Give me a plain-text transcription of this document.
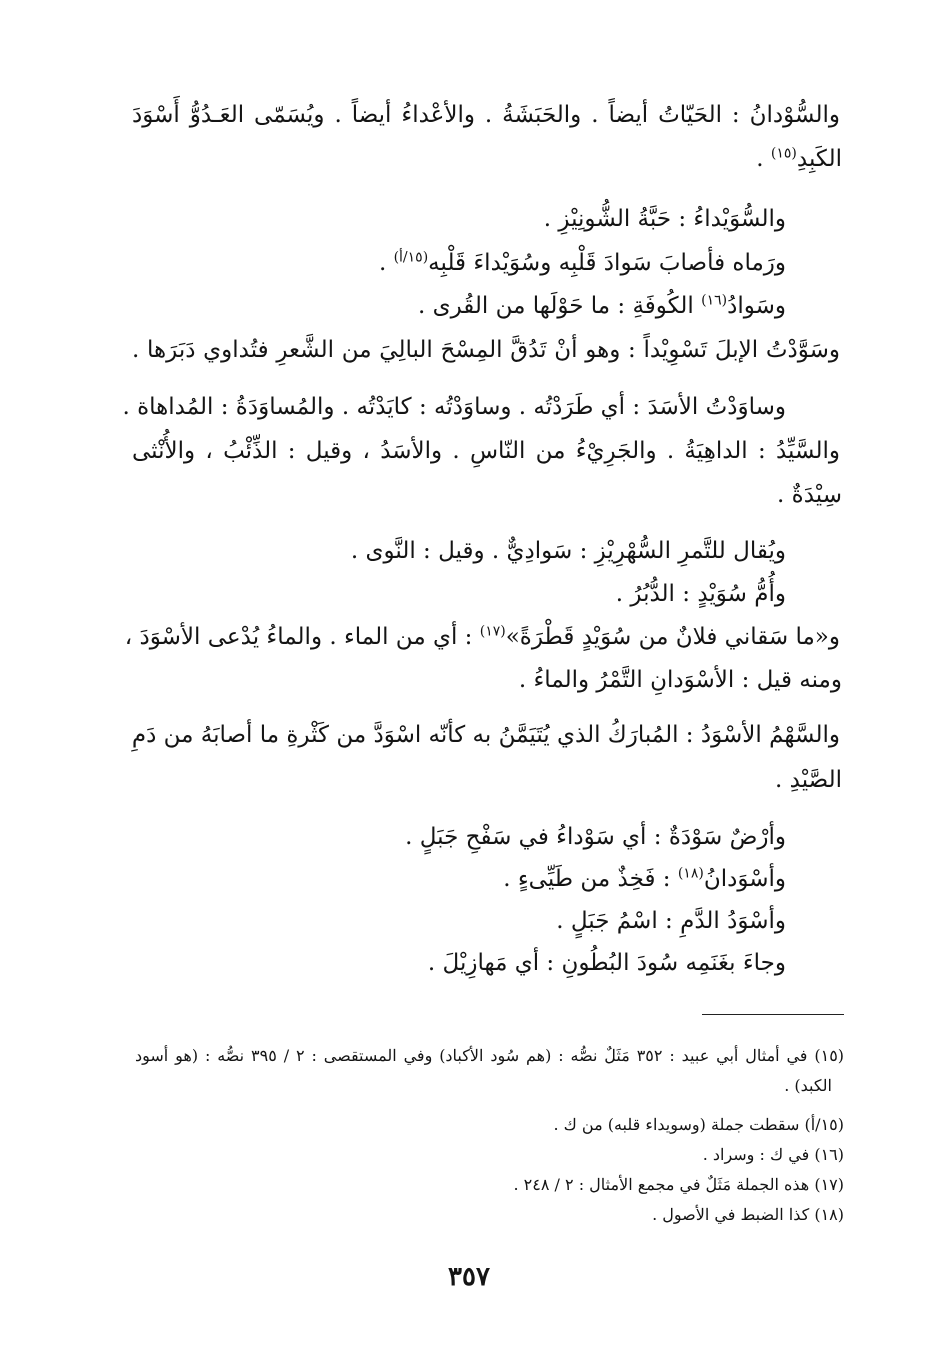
والسُّوْدانُ : الحَيّاتُ أيضاً . والحَبَشَةُ . والأعْداءُ أيضاً . ويُسَمّى العَـدُوُّ أَسْوَدَ
الكَبِدِ$^{(١٥)}$ .
والسُّوَيْداءُ : حَبَّةُ الشُّونِيْزِ .
ورَماه فأصابَ سَوادَ قَلْبِه وسُوَيْداءَ قَلْبِه$^{(١٥/أ)}$ .
وسَوادُ$^{(١٦)}$ الكُوفَةِ : ما حَوْلَها من القُرى .
وسَوَّدْتُ الإبلَ تَسْوِيْداً : وهو أنْ تَدُقَّ المِسْحَ البالِيَ من الشَّعرِ فتُداوي دَبَرَها .
وساوَدْتُ الأسَدَ : أي طَرَدْتُه . وساوَدْتُه : كايَدْتُه . والمُساوَدَةُ : المُداهاة .
والسَّيِّدُ : الداهِيَةُ . والجَرِيْءُ من النّاسِ . والأسَدُ ، وقيل : الذِّئْبُ ، والأُنْثى
سِيْدَةٌ .
ويُقال للتَّمرِ السُّهْرِيْزِ : سَوادِيٌّ . وقيل : النَّوى .
وأُمُّ سُوَيْدٍ : الدُّبُرُ .
و«ما سَقاني فلانٌ من سُوَيْدٍ قَطْرَةً»$^{(١٧)}$ : أي من الماء . والماءُ يُدْعى الأسْوَدَ ،
ومنه قيل : الأسْوَدانِ التَّمْرُ والماءُ .
والسَّهْمُ الأسْوَدُ : المُبارَكُ الذي يُتَيَمَّنُ به كأنّه اسْوَدَّ من كَثْرةِ ما أصابَهُ من دَمِ
الصَّيْدِ .
وأرْضٌ سَوْدَةٌ : أي سَوْداءُ في سَفْحِ جَبَلٍ .
وأسْوَدانُ$^{(١٨)}$ : فَخِذٌ من طَيِّىءٍ .
وأسْوَدُ الدَّمِ : اسْمُ جَبَلٍ .
وجاءَ بغَنَمِه سُودَ البُطُونِ : أي مَهازِيْلَ .
(١٥) في أمثال أبي عبيد : ٣٥٢ مَثَلٌ نصُّه : (هم سُود الأكباد) وفي المستقصى : ٢ / ٣٩٥ نصُّه : (هو أسود
الكبد) .
(١٥/أ) سقطت جملة (وسويداء قلبه) من ك .
(١٦) في ك : وسراد .
(١٧) هذه الجملة مَثَلٌ في مجمع الأمثال : ٢ / ٢٤٨ .
(١٨) كذا الضبط في الأصول .
٣٥٧
